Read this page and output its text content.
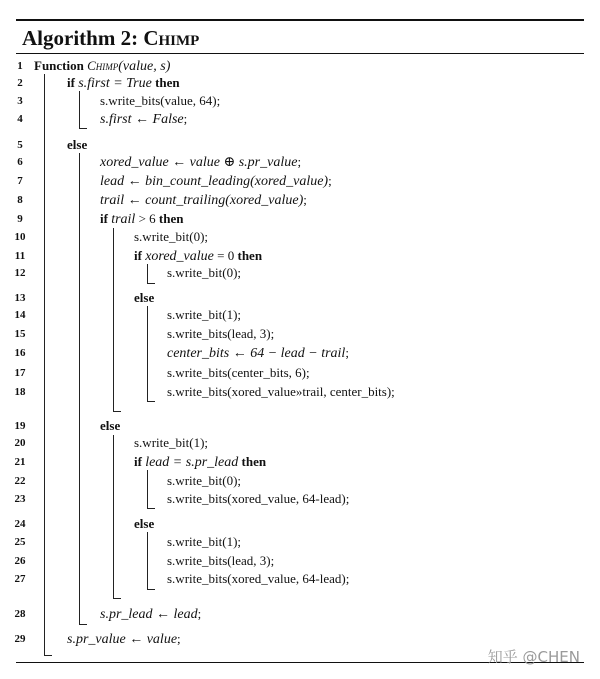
Algorithm 2: Chimp
1 Function Chimp(value, s)
2	if s.first = True then
3	s.write_bits(value, 64);
4	s.first ← False;
5	else
6	xored_value ← value ⊕ s.pr_value;
7	lead ← bin_count_leading(xored_value);
8	trail ← count_trailing(xored_value);
9	if trail > 6 then
10	s.write_bit(0);
11	if xored_value = 0 then
12	s.write_bit(0);
13	else
14	s.write_bit(1);
15	s.write_bits(lead, 3);
16	center_bits ← 64 − lead − trail;
17	s.write_bits(center_bits, 6);
18	s.write_bits(xored_value»trail, center_bits);
19	else
20	s.write_bit(1);
21	if lead = s.pr_lead then
22	s.write_bit(0);
23	s.write_bits(xored_value, 64-lead);
24	else
25	s.write_bit(1);
26	s.write_bits(lead, 3);
27	s.write_bits(xored_value, 64-lead);
28	s.pr_lead ← lead;
29	s.pr_value ← value;
知乎 @CHEN
